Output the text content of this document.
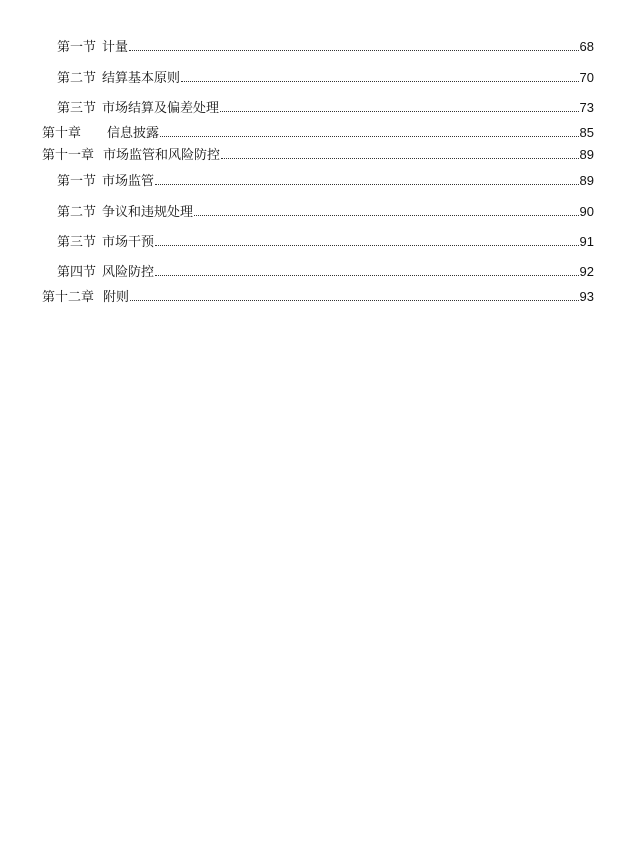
第一节 计量	68
第二节 结算基本原则	70
第三节 市场结算及偏差处理	73
第十章 信息披露	85
第十一章 市场监管和风险防控	89
第一节 市场监管	89
第二节 争议和违规处理	90
第三节 市场干预	91
第四节 风险防控	92
第十二章 附则	93
